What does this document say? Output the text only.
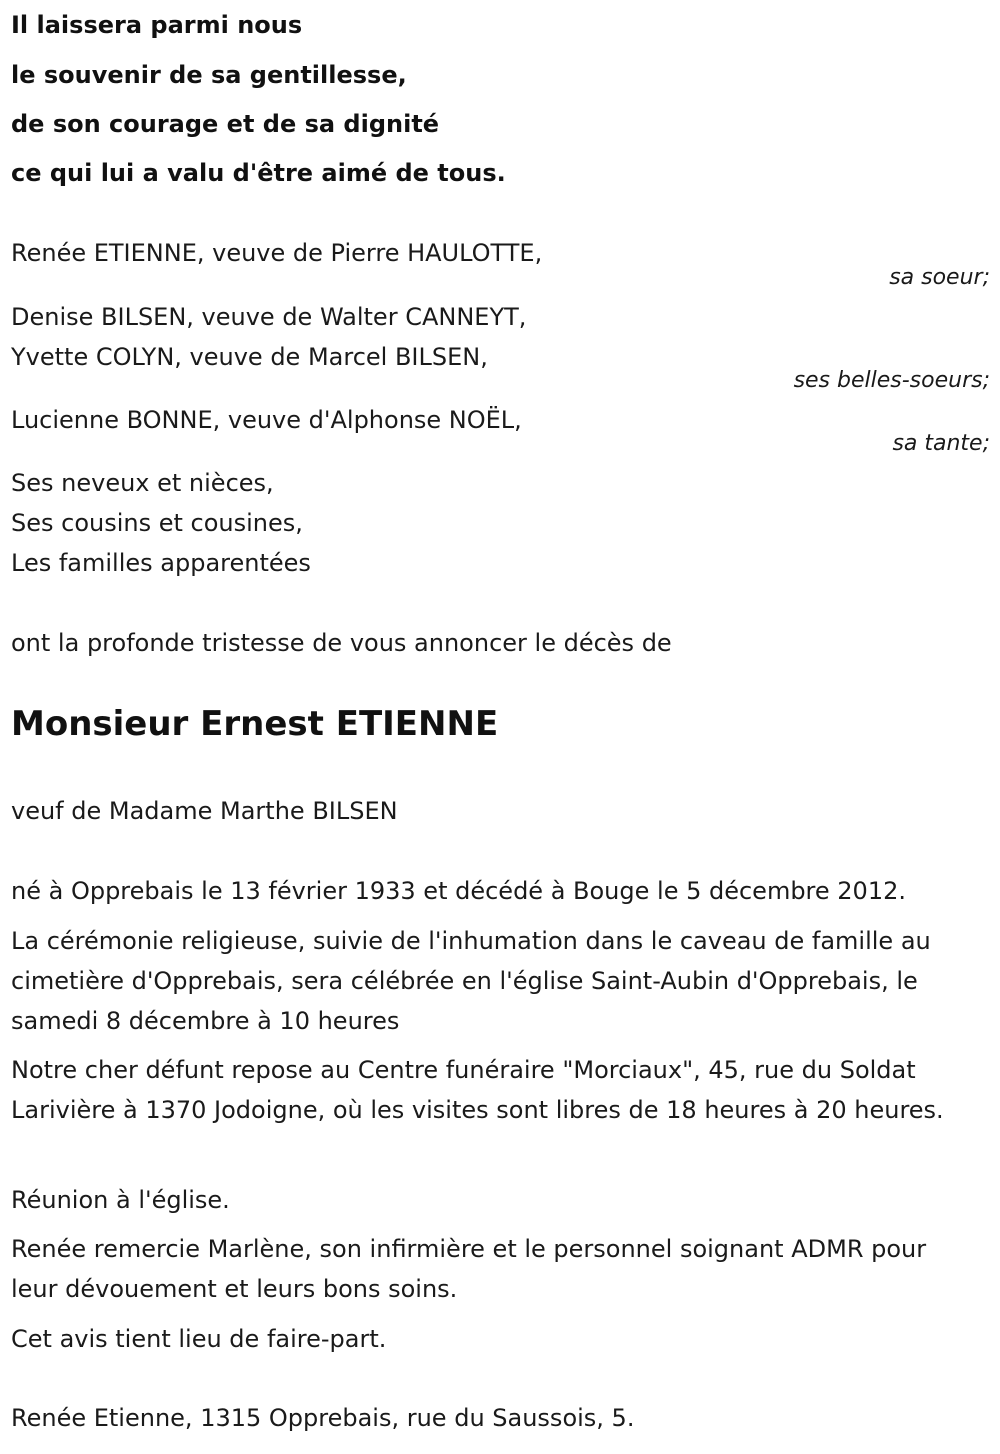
Il laissera parmi nous

le souvenir de sa gentillesse,

de son courage et de sa dignité

ce qui lui a valu d'être aimé de tous.

Renée ETIENNE, veuve de Pierre HAULOTTE,

sa soeur;

Denise BILSEN, veuve de Walter CANNEYT,

Yvette COLYN, veuve de Marcel BILSEN,

ses belles-soeurs;

Lucienne BONNE, veuve d'Alphonse NOËL,

sa tante;

Ses neveux et nièces,

Ses cousins et cousines,

Les familles apparentées

ont la profonde tristesse de vous annoncer le décès de

Monsieur Ernest ETIENNE

veuf de Madame Marthe BILSEN

né à Opprebais le 13 février 1933 et décédé à Bouge le 5 décembre 2012.

La cérémonie religieuse, suivie de l'inhumation dans le caveau de famille au cimetière d'Opprebais, sera célébrée en l'église Saint-Aubin d'Opprebais, le samedi 8 décembre à 10 heures

Notre cher défunt repose au Centre funéraire "Morciaux", 45, rue du Soldat Larivière à 1370 Jodoigne, où les visites sont libres de 18 heures à 20 heures.

Réunion à l'église.

Renée remercie Marlène, son infirmière et le personnel soignant ADMR pour leur dévouement et leurs bons soins.

Cet avis tient lieu de faire-part.

Renée Etienne, 1315 Opprebais, rue du Saussois, 5.
